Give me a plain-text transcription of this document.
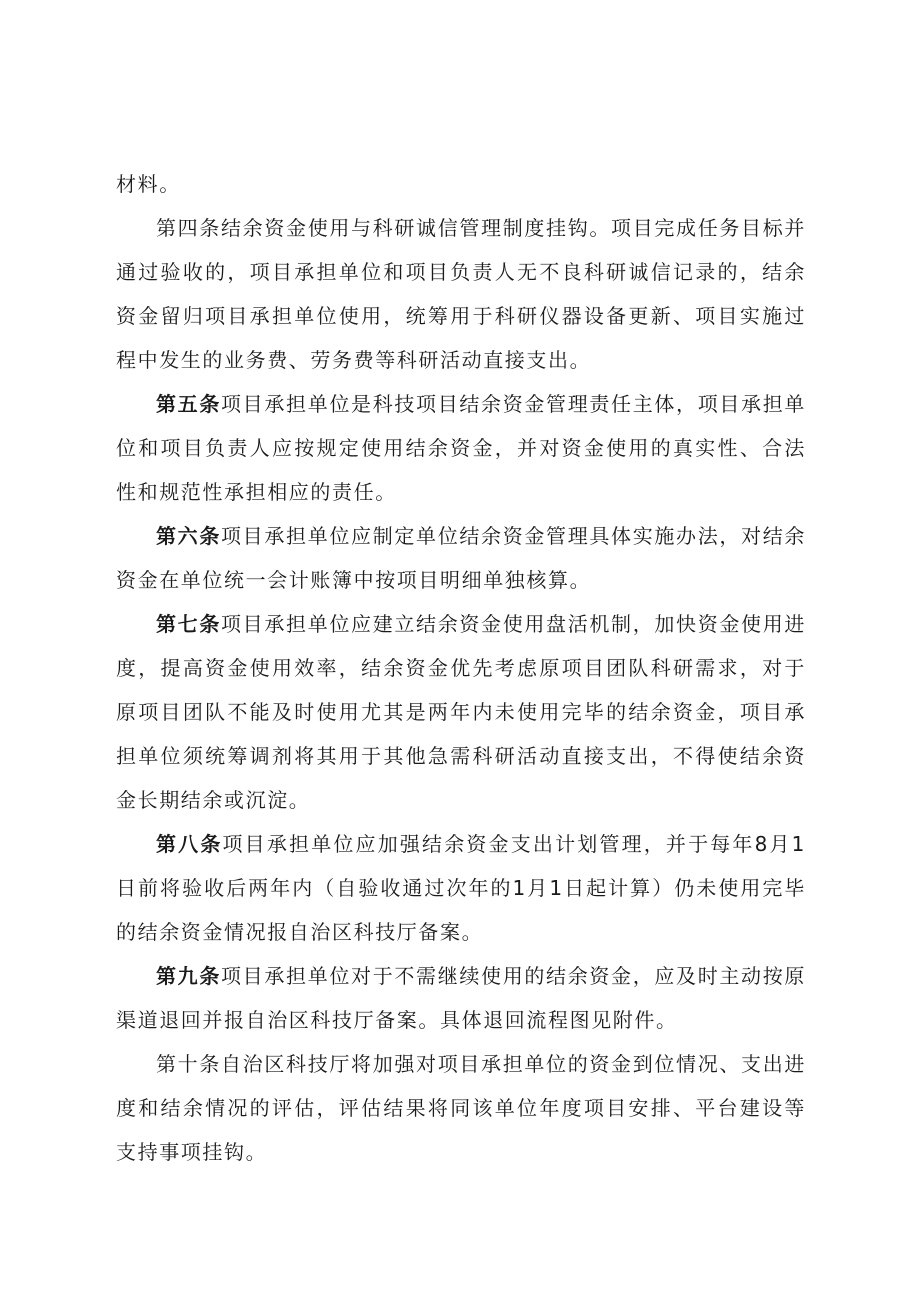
材料。

第四条结余资金使用与科研诚信管理制度挂钩。项目完成任务目标并通过验收的，项目承担单位和项目负责人无不良科研诚信记录的，结余资金留归项目承担单位使用，统筹用于科研仪器设备更新、项目实施过程中发生的业务费、劳务费等科研活动直接支出。

第五条项目承担单位是科技项目结余资金管理责任主体，项目承担单位和项目负责人应按规定使用结余资金，并对资金使用的真实性、合法性和规范性承担相应的责任。

第六条项目承担单位应制定单位结余资金管理具体实施办法，对结余资金在单位统一会计账簿中按项目明细单独核算。

第七条项目承担单位应建立结余资金使用盘活机制，加快资金使用进度，提高资金使用效率，结余资金优先考虑原项目团队科研需求，对于原项目团队不能及时使用尤其是两年内未使用完毕的结余资金，项目承担单位须统筹调剂将其用于其他急需科研活动直接支出，不得使结余资金长期结余或沉淀。

第八条项目承担单位应加强结余资金支出计划管理，并于每年8月1日前将验收后两年内（自验收通过次年的1月1日起计算）仍未使用完毕的结余资金情况报自治区科技厅备案。

第九条项目承担单位对于不需继续使用的结余资金，应及时主动按原渠道退回并报自治区科技厅备案。具体退回流程图见附件。

第十条自治区科技厅将加强对项目承担单位的资金到位情况、支出进度和结余情况的评估，评估结果将同该单位年度项目安排、平台建设等支持事项挂钩。
